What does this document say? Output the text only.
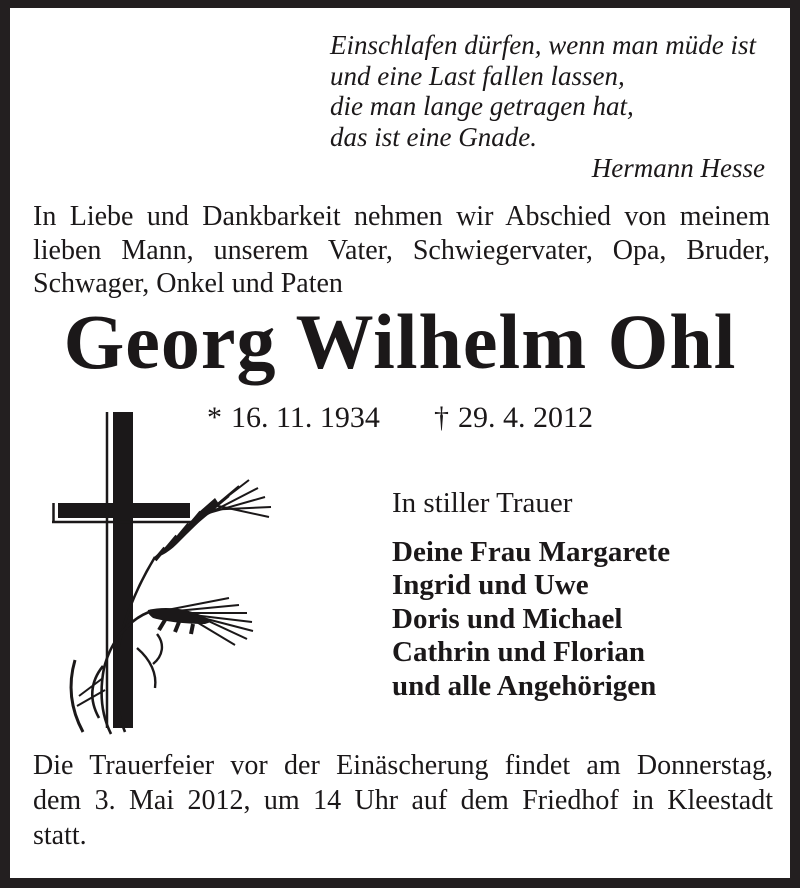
Einschlafen dürfen, wenn man müde ist
und eine Last fallen lassen,
die man lange getragen hat,
das ist eine Gnade.
Hermann Hesse
In Liebe und Dankbarkeit nehmen wir Abschied von meinem
lieben Mann, unserem Vater, Schwiegervater, Opa, Bruder,
Schwager, Onkel und Paten
Georg Wilhelm Ohl
* 16. 11. 1934 † 29. 4. 2012
In stiller Trauer
Deine Frau Margarete
Ingrid und Uwe
Doris und Michael
Cathrin und Florian
und alle Angehörigen
Die Trauerfeier vor der Einäscherung findet am Donnerstag,
dem 3. Mai 2012, um 14 Uhr auf dem Friedhof in Kleestadt
statt.
